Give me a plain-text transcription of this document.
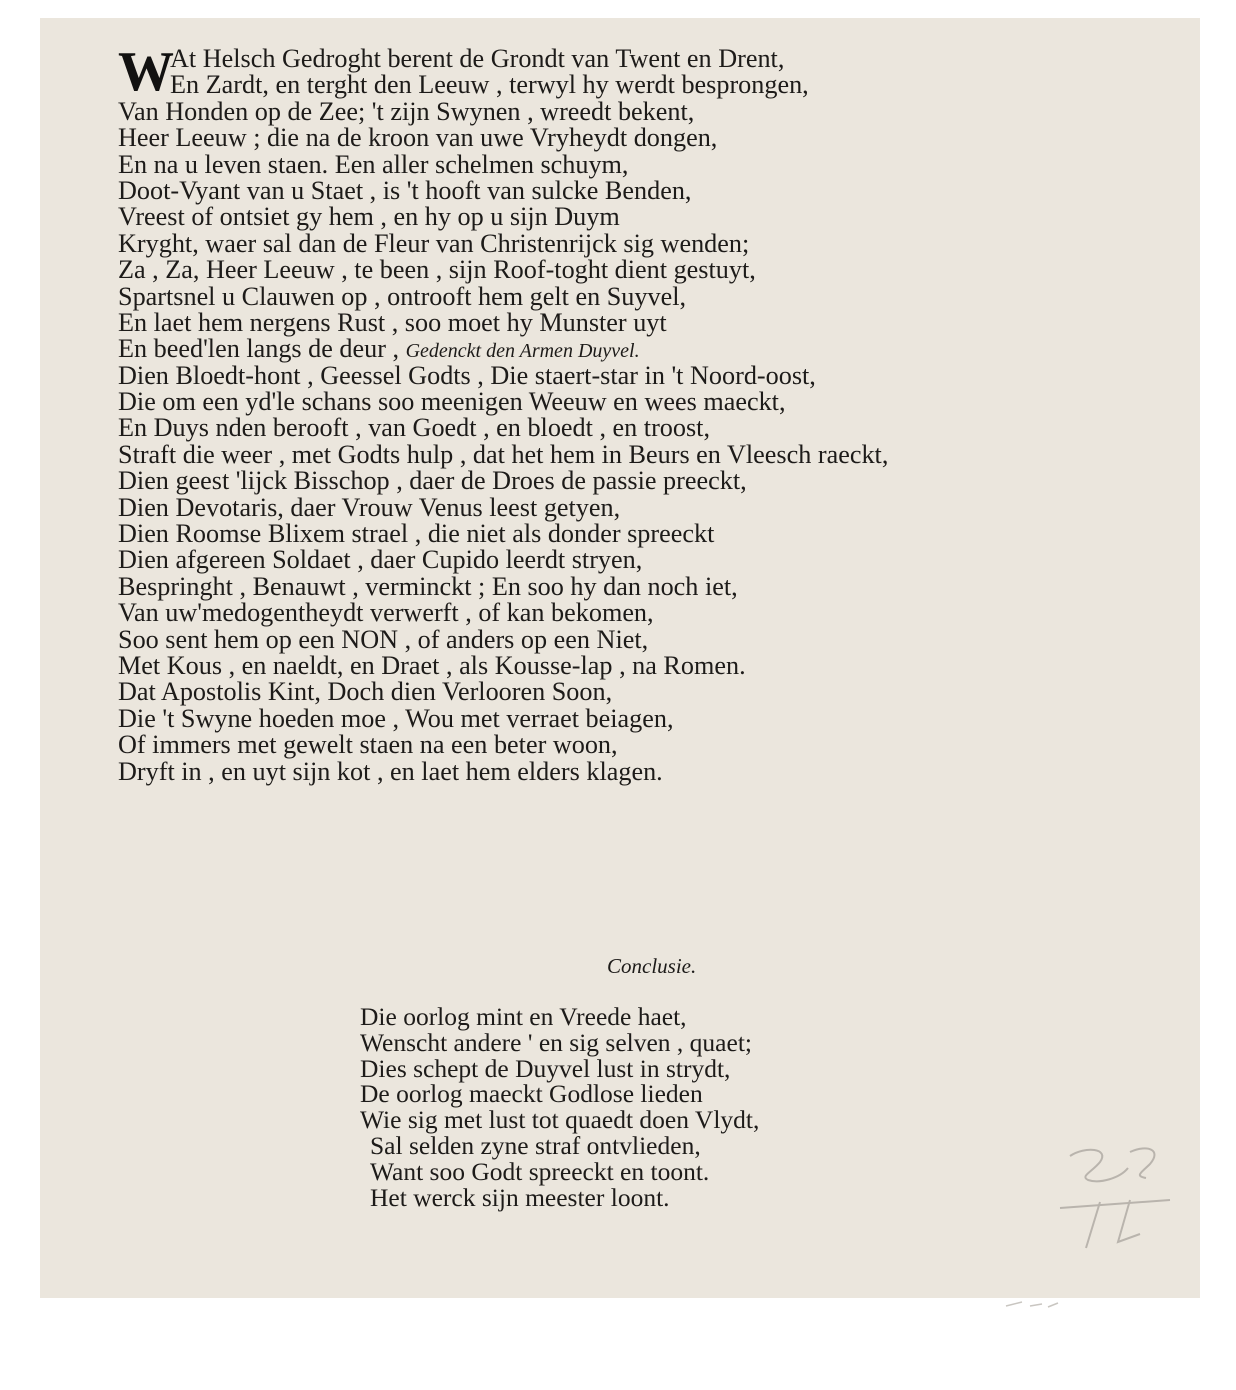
W
At Helsch Gedroght berent de Grondt van Twent en Drent,
En Zardt, en terght den Leeuw , terwyl hy werdt besprongen,
Van Honden op de Zee; 't zijn Swynen , wreedt bekent,
Heer Leeuw ; die na de kroon van uwe Vryheydt dongen,
En na u leven staen. Een aller schelmen schuym,
Doot-Vyant van u Staet , is 't hooft van sulcke Benden,
Vreest of ontsiet gy hem , en hy op u sijn Duym
Kryght, waer sal dan de Fleur van Christenrijck sig wenden;
Za , Za, Heer Leeuw , te been , sijn Roof-toght dient gestuyt,
Spartsnel u Clauwen op , ontrooft hem gelt en Suyvel,
En laet hem nergens Rust , soo moet hy Munster uyt
En beed'len langs de deur , Gedenckt den Armen Duyvel.
Dien Bloedt-hont , Geessel Godts , Die staert-star in 't Noord-oost,
Die om een yd'le schans soo meenigen Weeuw en wees maeckt,
En Duys nden berooft , van Goedt , en bloedt , en troost,
Straft die weer , met Godts hulp , dat het hem in Beurs en Vleesch raeckt,
Dien geest 'lijck Bisschop , daer de Droes de passie preeckt,
Dien Devotaris, daer Vrouw Venus leest getyen,
Dien Roomse Blixem strael , die niet als donder spreeckt
Dien afgereen Soldaet , daer Cupido leerdt stryen,
Bespringht , Benauwt , verminckt ; En soo hy dan noch iet,
Van uw'medogentheydt verwerft , of kan bekomen,
Soo sent hem op een NON , of anders op een Niet,
Met Kous , en naeldt, en Draet , als Kousse-lap , na Romen.
Dat Apostolis Kint, Doch dien Verlooren Soon,
Die 't Swyne hoeden moe , Wou met verraet beiagen,
Of immers met gewelt staen na een beter woon,
Dryft in , en uyt sijn kot , en laet hem elders klagen.
Conclusie.
Die oorlog mint en Vreede haet,
Wenscht andere ' en sig selven , quaet;
Dies schept de Duyvel lust in strydt,
De oorlog maeckt Godlose lieden
Wie sig met lust tot quaedt doen Vlydt,
Sal selden zyne straf ontvlieden,
Want soo Godt spreeckt en toont.
Het werck sijn meester loont.
